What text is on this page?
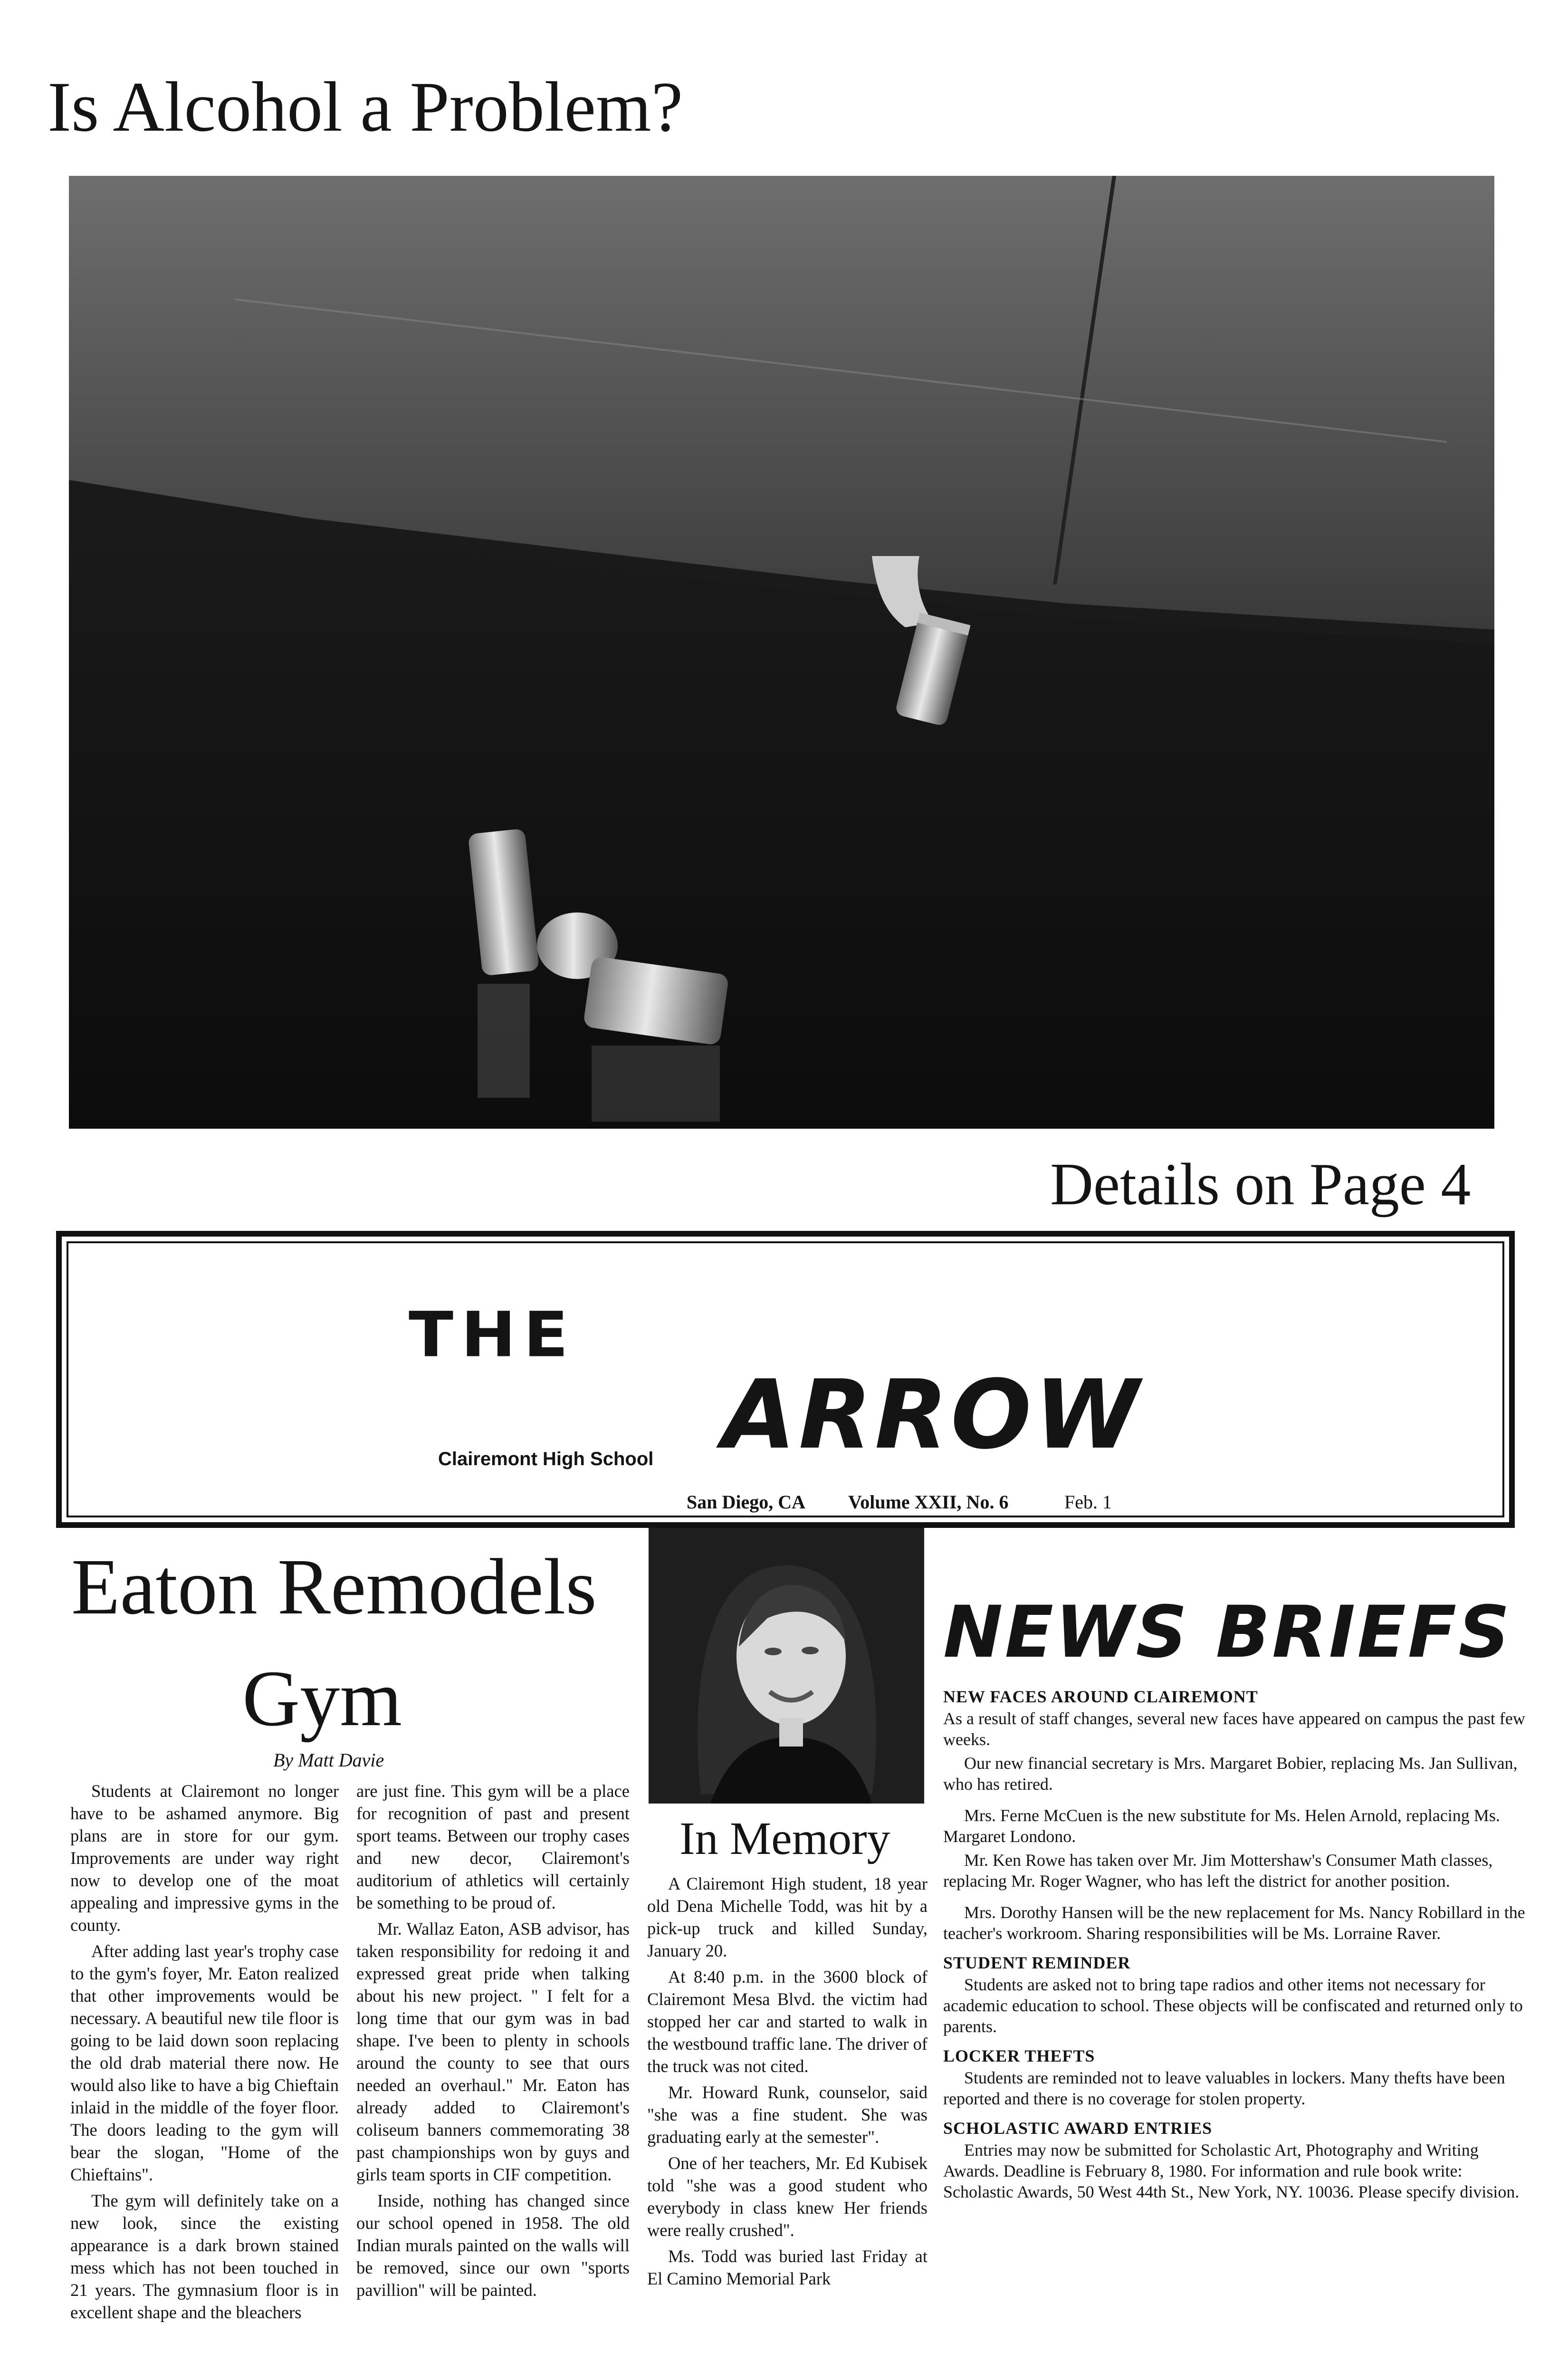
Is Alcohol a Problem?
Details on Page 4
THE
ARROW
Clairemont High School
San Diego, CA Volume XXII, No. 6	Feb. 1
Eaton Remodels
Gym
By Matt Davie

Students at Clairemont no longer have to be ashamed anymore. Big plans are in store for our gym. Improvements are under way right now to develop one of the moat appealing and impressive gyms in the county.

After adding last year's trophy case to the gym's foyer, Mr. Eaton realized that other improvements would be necessary. A beautiful new tile floor is going to be laid down soon replacing the old drab material there now. He would also like to have a big Chieftain inlaid in the middle of the foyer floor. The doors leading to the gym will bear the slogan, "Home of the Chieftains".

The gym will definitely take on a new look, since the existing appearance is a dark brown stained mess which has not been touched in 21 years. The gymnasium floor is in excellent shape and the bleachers

are just fine. This gym will be a place for recognition of past and present sport teams. Between our trophy cases and new decor, Clairemont's auditorium of athletics will certainly be something to be proud of.

Mr. Wallaz Eaton, ASB advisor, has taken responsibility for redoing it and expressed great pride when talking about his new project. " I felt for a long time that our gym was in bad shape. I've been to plenty in schools around the county to see that ours needed an overhaul." Mr. Eaton has already added to Clairemont's coliseum banners commemorating 38 past championships won by guys and girls team sports in CIF competition.

Inside, nothing has changed since our school opened in 1958. The old Indian murals painted on the walls will be removed, since our own "sports pavillion" will be painted.

In Memory

A Clairemont High student, 18 year old Dena Michelle Todd, was hit by a pick-up truck and killed Sunday, January 20.

At 8:40 p.m. in the 3600 block of Clairemont Mesa Blvd. the victim had stopped her car and started to walk in the westbound traffic lane. The driver of the truck was not cited.

Mr. Howard Runk, counselor, said "she was a fine student. She was graduating early at the semester".

One of her teachers, Mr. Ed Kubisek told "she was a good student who everybody in class knew Her friends were really crushed".

Ms. Todd was buried last Friday at El Camino Memorial Park

NEWS BRIEFS
NEW FACES AROUND CLAIREMONT

As a result of staff changes, several new faces have appeared on campus the past few weeks.

Our new financial secretary is Mrs. Margaret Bobier, replacing Ms. Jan Sullivan, who has retired.

Mrs. Ferne McCuen is the new substitute for Ms. Helen Arnold, replacing Ms. Margaret Londono.

Mr. Ken Rowe has taken over Mr. Jim Mottershaw's Consumer Math classes, replacing Mr. Roger Wagner, who has left the district for another position.

Mrs. Dorothy Hansen will be the new replacement for Ms. Nancy Robillard in the teacher's workroom. Sharing responsibilities will be Ms. Lorraine Raver.

STUDENT REMINDER

Students are asked not to bring tape radios and other items not necessary for academic education to school. These objects will be confiscated and returned only to parents.

LOCKER THEFTS

Students are reminded not to leave valuables in lockers. Many thefts have been reported and there is no coverage for stolen property.

SCHOLASTIC AWARD ENTRIES

Entries may now be submitted for Scholastic Art, Photography and Writing Awards. Deadline is February 8, 1980. For information and rule book write: Scholastic Awards, 50 West 44th St., New York, NY. 10036. Please specify division.
